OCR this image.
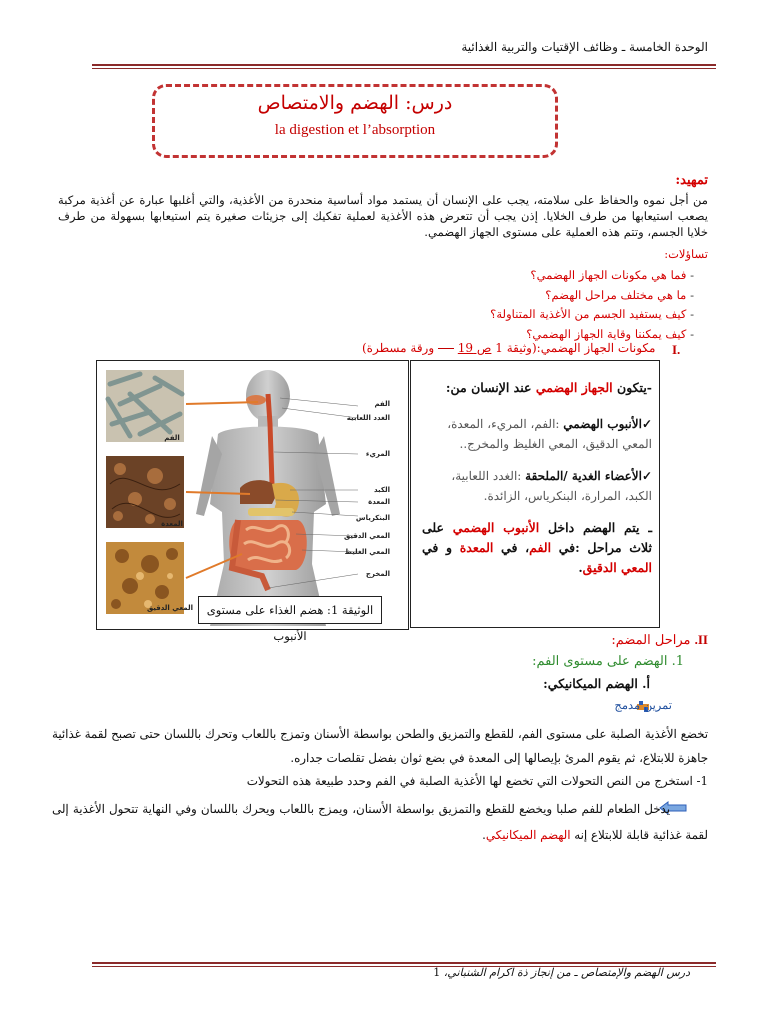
الوحدة الخامسة ـ وظائف الإقتيات والتربية الغذائية
درس: الهضم والامتصاص
la digestion et l’absorption
تمهيد:
من أجل نموه والحفاظ على سلامته، يجب على الإنسان أن يستمد مواد أساسية منحدرة من الأغذية، والتي أغلبها عبارة عن أغذية مركبة يصعب استيعابها من طرف الخلايا. إذن يجب أن تتعرض هذه الأغذية لعملية تفكيك إلى جزيئات صغيرة يتم استيعابها بسهولة من طرف خلايا الجسم، وتتم هذه العملية على مستوى الجهاز الهضمي.
تساؤلات:
- فما هي مكونات الجهاز الهضمي؟
- ما هي مختلف مراحل الهضم؟
- كيف يستفيد الجسم من الأغذية المتناولة؟
- كيف يمكننا وقاية الجهاز الهضمي؟
I.
مكونات الجهاز الهضمي:(وثيقة 1 ص 19  ورقة مسطرة)
الفم
المعدة
المعي الدقيق
الفم
الغدد اللعابية
المريء
الكبد
المعدة
البنكرياس
المعي الدقيق
المعي الغليظ
المخرج
الوثيقة 1: هضم الغذاء على مستوى الأنبوب
-يتكون الجهاز الهضمي عند الإنسان من:
✓الأنبوب الهضمي :الفم، المريء، المعدة، المعي الدقيق، المعي الغليظ والمخرج..
✓الأعضاء الغدية /الملحقة :الغدد اللعابية، الكبد، المرارة، البنكرياس، الزائدة.
ـ يتم الهضم داخل الأنبوب الهضمي على ثلاث مراحل :في الفم، في المعدة و في المعي الدقيق.
II. مراحل المضم:
1. الهضم على مستوى الفم:
أ. الهضم الميكانيكي:
تمرين مدمج
تخضع الأغذية الصلبة على مستوى الفم، للقطع والتمزيق والطحن بواسطة الأسنان وتمزج باللعاب وتحرك باللسان حتى تصبح لقمة غذائية جاهزة للابتلاع، ثم يقوم المرئ بإيصالها إلى المعدة في بضع ثوان بفضل تقلصات جداره.
1- استخرج من النص التحولات التي تخضع لها الأغذية الصلبة في الفم وحدد طبيعة هذه التحولات
يدخل الطعام للفم صلبا ويخضع للقطع والتمزيق بواسطة الأسنان، ويمزج باللعاب ويحرك باللسان وفي النهاية تتحول الأغذية إلى لقمة غذائية قابلة للابتلاع إنه الهضم الميكانيكي.
درس الهضم والإمتصاص ـ من إنجاز ذة اكرام الشنباني، 1
